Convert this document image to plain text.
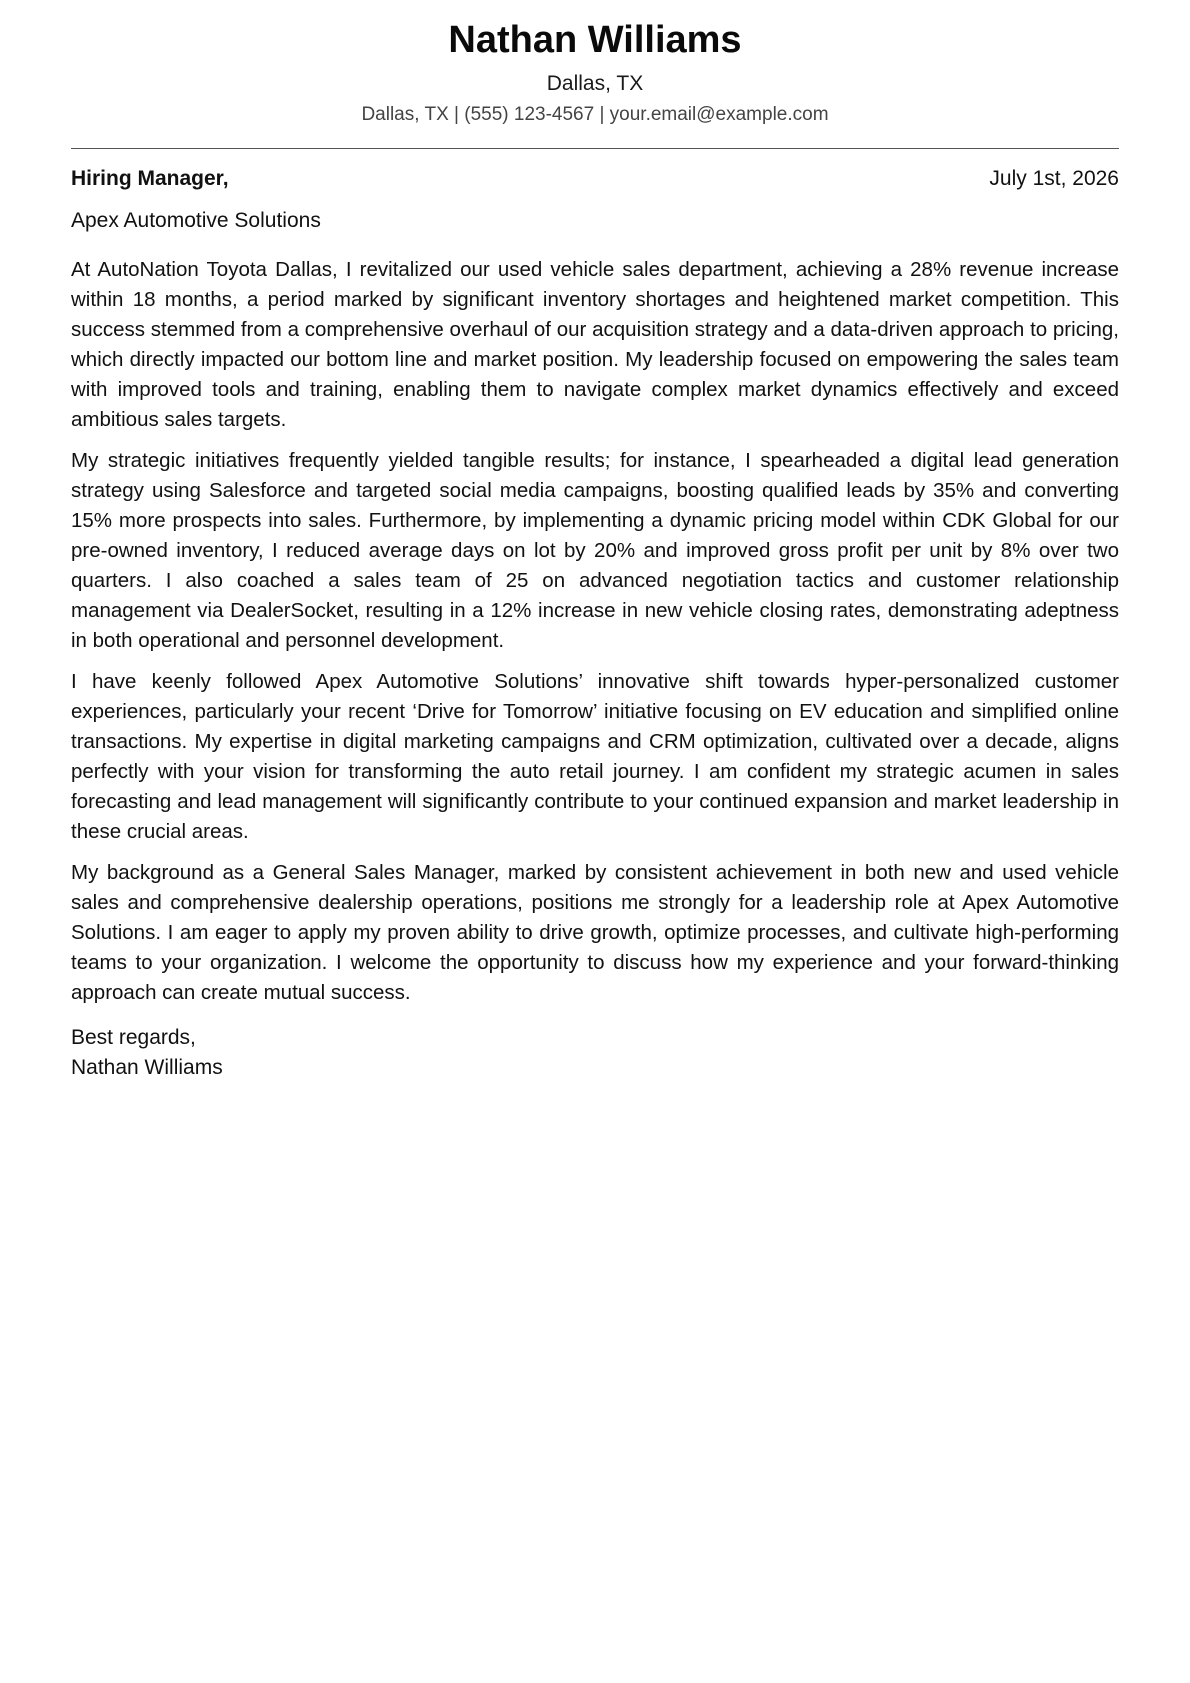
Nathan Williams
Dallas, TX
Dallas, TX | (555) 123-4567 | your.email@example.com
Hiring Manager,	July 1st, 2026
Apex Automotive Solutions

At AutoNation Toyota Dallas, I revitalized our used vehicle sales department, achieving a 28% revenue increase within 18 months, a period marked by significant inventory shortages and heightened market competition. This success stemmed from a comprehensive overhaul of our acquisition strategy and a data-driven approach to pricing, which directly impacted our bottom line and market position. My leadership focused on empowering the sales team with improved tools and training, enabling them to navigate complex market dynamics effectively and exceed ambitious sales targets.

My strategic initiatives frequently yielded tangible results; for instance, I spearheaded a digital lead generation strategy using Salesforce and targeted social media campaigns, boosting qualified leads by 35% and converting 15% more prospects into sales. Furthermore, by implementing a dynamic pricing model within CDK Global for our pre-owned inventory, I reduced average days on lot by 20% and improved gross profit per unit by 8% over two quarters. I also coached a sales team of 25 on advanced negotiation tactics and customer relationship management via DealerSocket, resulting in a 12% increase in new vehicle closing rates, demonstrating adeptness in both operational and personnel development.

I have keenly followed Apex Automotive Solutions’ innovative shift towards hyper-personalized customer experiences, particularly your recent ‘Drive for Tomorrow’ initiative focusing on EV education and simplified online transactions. My expertise in digital marketing campaigns and CRM optimization, cultivated over a decade, aligns perfectly with your vision for transforming the auto retail journey. I am confident my strategic acumen in sales forecasting and lead management will significantly contribute to your continued expansion and market leadership in these crucial areas.

My background as a General Sales Manager, marked by consistent achievement in both new and used vehicle sales and comprehensive dealership operations, positions me strongly for a leadership role at Apex Automotive Solutions. I am eager to apply my proven ability to drive growth, optimize processes, and cultivate high-performing teams to your organization. I welcome the opportunity to discuss how my experience and your forward-thinking approach can create mutual success.

Best regards,
Nathan Williams
